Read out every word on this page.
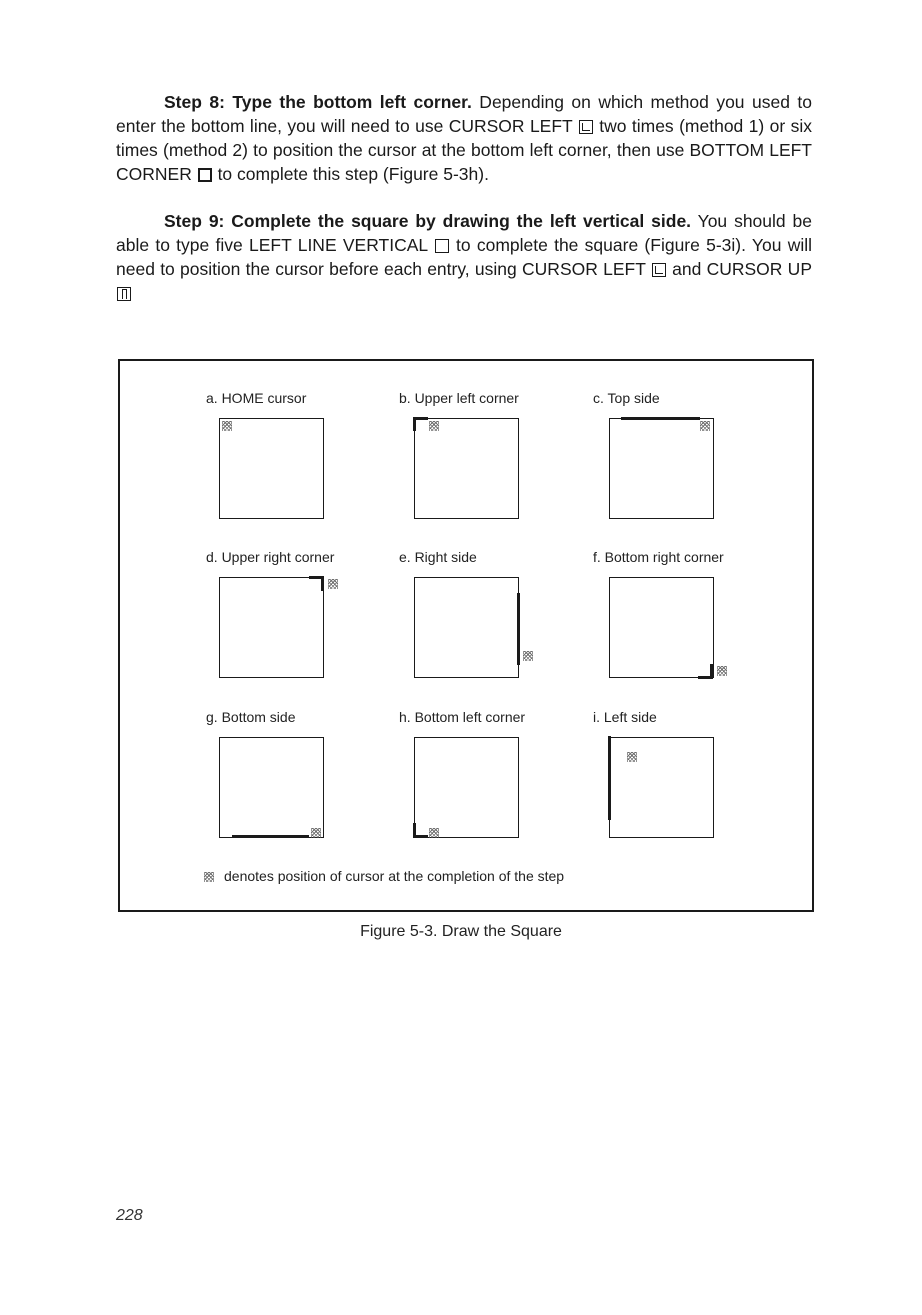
Step 8: Type the bottom left corner. Depending on which method you used to enter the bottom line, you will need to use CURSOR LEFT  two times (method 1) or six times (method 2) to position the cursor at the bottom left corner, then use BOTTOM LEFT CORNER  to complete this step (Figure 5-3h).

Step 9: Complete the square by drawing the left vertical side. You should be able to type five LEFT LINE VERTICAL  to complete the square (Figure 5-3i). You will need to position the cursor before each entry, using CURSOR LEFT  and CURSOR UP

a. HOME cursor	b. Upper left corner	c. Top side
d. Upper right corner	e. Right side	f. Bottom right corner
g. Bottom side	h. Bottom left corner	i. Left side
denotes position of cursor at the completion of the step
Figure 5-3. Draw the Square
228
